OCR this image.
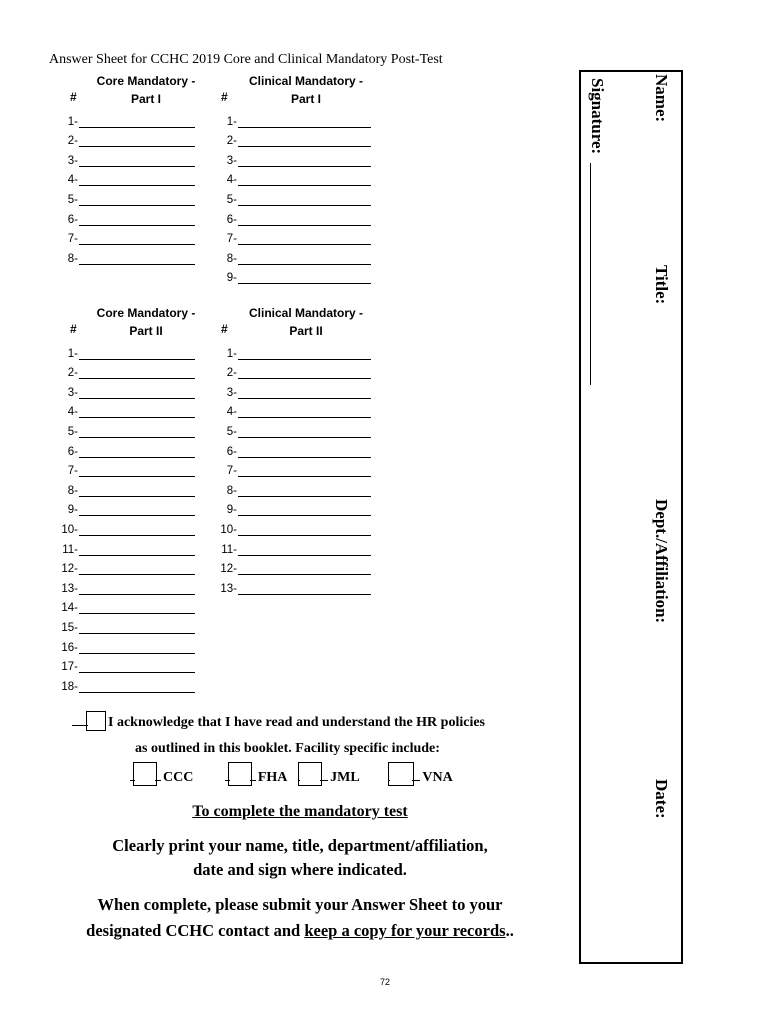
Answer Sheet for CCHC 2019 Core and Clinical Mandatory Post-Test
Core Mandatory -
Part I
#
1-
2-
3-
4-
5-
6-
7-
8-
Clinical Mandatory -
Part I
#
1-
2-
3-
4-
5-
6-
7-
8-
9-
Core Mandatory -
Part II
#
1-
2-
3-
4-
5-
6-
7-
8-
9-
10-
11-
12-
13-
14-
15-
16-
17-
18-
Clinical Mandatory -
Part II
#
1-
2-
3-
4-
5-
6-
7-
8-
9-
10-
11-
12-
13-
I acknowledge that I have read and understand the HR policies
as outlined in this booklet. Facility specific include:
CCC	FHA	JML	VNA
To complete the mandatory test
Clearly print your name, title, department/affiliation,
date and sign where indicated.
When complete, please submit your Answer Sheet to your
designated CCHC contact and keep a copy for your records..
Name:
Title:
Dept./Affiliation:
Date:
Signature:
72
